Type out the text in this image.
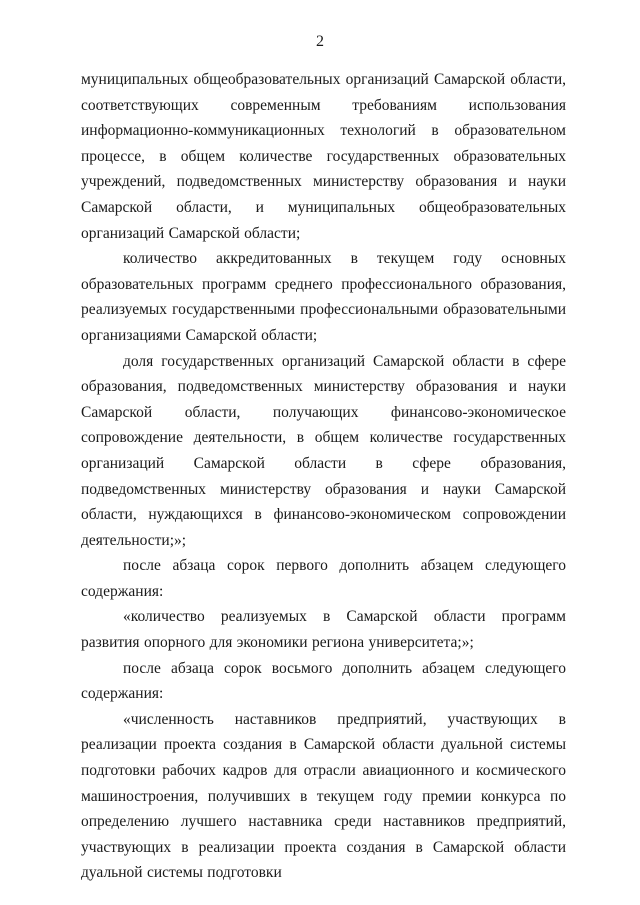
2

муниципальных общеобразовательных организаций Самарской области, соответствующих современным требованиям использования информационно-коммуникационных технологий в образовательном процессе, в общем количестве государственных образовательных учреждений, подведомственных министерству образования и науки Самарской области, и муниципальных общеобразовательных организаций Самарской области;

количество аккредитованных в текущем году основных образовательных программ среднего профессионального образования, реализуемых государственными профессиональными образовательными организациями Самарской области;

доля государственных организаций Самарской области в сфере образования, подведомственных министерству образования и науки Самарской области, получающих финансово-экономическое сопровождение деятельности, в общем количестве государственных организаций Самарской области в сфере образования, подведомственных министерству образования и науки Самарской области, нуждающихся в финансово-экономическом сопровождении деятельности;»;

после абзаца сорок первого дополнить абзацем следующего содержания:

«количество реализуемых в Самарской области программ развития опорного для экономики региона университета;»;

после абзаца сорок восьмого дополнить абзацем следующего содержания:

«численность наставников предприятий, участвующих в реализации проекта создания в Самарской области дуальной системы подготовки рабочих кадров для отрасли авиационного и космического машиностроения, получивших в текущем году премии конкурса по определению лучшего наставника среди наставников предприятий, участвующих в реализации проекта создания в Самарской области дуальной системы подготовки
